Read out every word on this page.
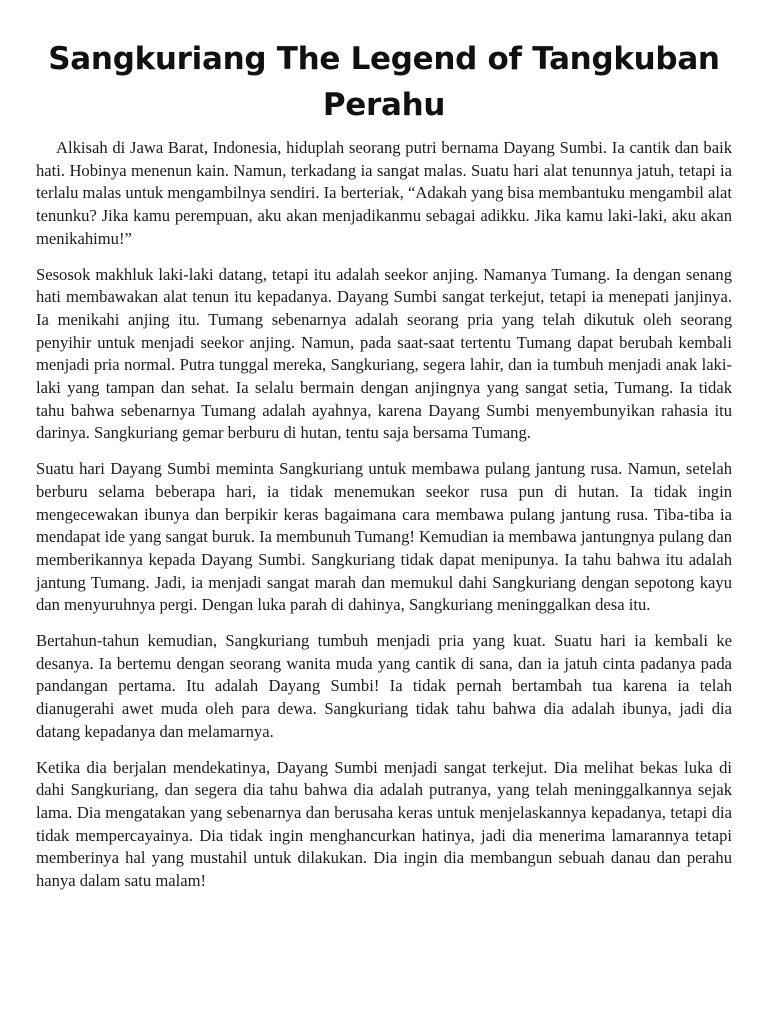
Sangkuriang The Legend of Tangkuban Perahu

Alkisah di Jawa Barat, Indonesia, hiduplah seorang putri bernama Dayang Sumbi. Ia cantik dan baik hati. Hobinya menenun kain. Namun, terkadang ia sangat malas. Suatu hari alat tenunnya jatuh, tetapi ia terlalu malas untuk mengambilnya sendiri. Ia berteriak, “Adakah yang bisa membantuku mengambil alat tenunku? Jika kamu perempuan, aku akan menjadikanmu sebagai adikku. Jika kamu laki-laki, aku akan menikahimu!”

Sesosok makhluk laki-laki datang, tetapi itu adalah seekor anjing. Namanya Tumang. Ia dengan senang hati membawakan alat tenun itu kepadanya. Dayang Sumbi sangat terkejut, tetapi ia menepati janjinya. Ia menikahi anjing itu. Tumang sebenarnya adalah seorang pria yang telah dikutuk oleh seorang penyihir untuk menjadi seekor anjing. Namun, pada saat-saat tertentu Tumang dapat berubah kembali menjadi pria normal. Putra tunggal mereka, Sangkuriang, segera lahir, dan ia tumbuh menjadi anak laki-laki yang tampan dan sehat. Ia selalu bermain dengan anjingnya yang sangat setia, Tumang. Ia tidak tahu bahwa sebenarnya Tumang adalah ayahnya, karena Dayang Sumbi menyembunyikan rahasia itu darinya. Sangkuriang gemar berburu di hutan, tentu saja bersama Tumang.

Suatu hari Dayang Sumbi meminta Sangkuriang untuk membawa pulang jantung rusa. Namun, setelah berburu selama beberapa hari, ia tidak menemukan seekor rusa pun di hutan. Ia tidak ingin mengecewakan ibunya dan berpikir keras bagaimana cara membawa pulang jantung rusa. Tiba-tiba ia mendapat ide yang sangat buruk. Ia membunuh Tumang! Kemudian ia membawa jantungnya pulang dan memberikannya kepada Dayang Sumbi. Sangkuriang tidak dapat menipunya. Ia tahu bahwa itu adalah jantung Tumang. Jadi, ia menjadi sangat marah dan memukul dahi Sangkuriang dengan sepotong kayu dan menyuruhnya pergi. Dengan luka parah di dahinya, Sangkuriang meninggalkan desa itu.

Bertahun-tahun kemudian, Sangkuriang tumbuh menjadi pria yang kuat. Suatu hari ia kembali ke desanya. Ia bertemu dengan seorang wanita muda yang cantik di sana, dan ia jatuh cinta padanya pada pandangan pertama. Itu adalah Dayang Sumbi! Ia tidak pernah bertambah tua karena ia telah dianugerahi awet muda oleh para dewa. Sangkuriang tidak tahu bahwa dia adalah ibunya, jadi dia datang kepadanya dan melamarnya.

Ketika dia berjalan mendekatinya, Dayang Sumbi menjadi sangat terkejut. Dia melihat bekas luka di dahi Sangkuriang, dan segera dia tahu bahwa dia adalah putranya, yang telah meninggalkannya sejak lama. Dia mengatakan yang sebenarnya dan berusaha keras untuk menjelaskannya kepadanya, tetapi dia tidak mempercayainya. Dia tidak ingin menghancurkan hatinya, jadi dia menerima lamarannya tetapi memberinya hal yang mustahil untuk dilakukan. Dia ingin dia membangun sebuah danau dan perahu hanya dalam satu malam!
